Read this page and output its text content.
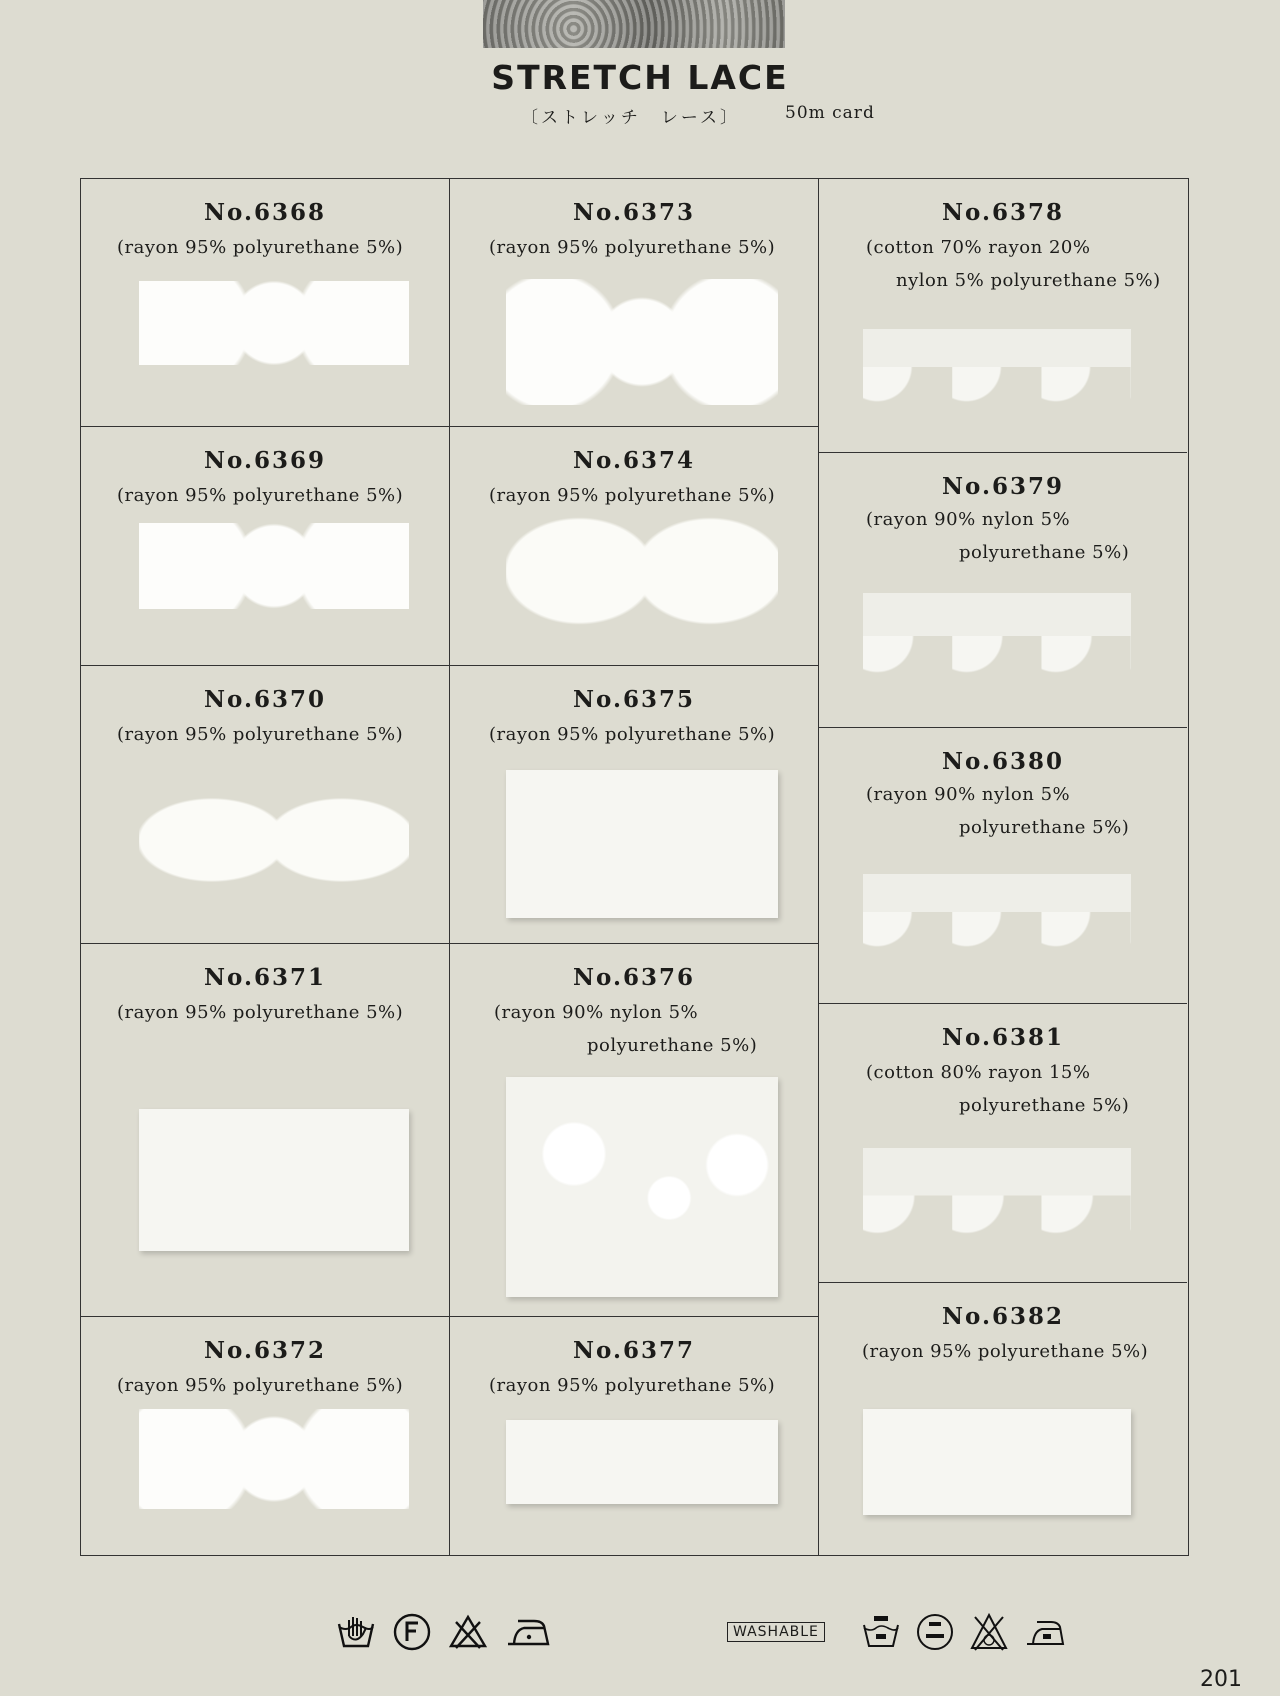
STRETCH LACE
〔ストレッチ　レース〕	50m card
No.6368
(rayon 95% polyurethane 5%)
No.6369
(rayon 95% polyurethane 5%)
No.6370
(rayon 95% polyurethane 5%)
No.6371
(rayon 95% polyurethane 5%)
No.6372
(rayon 95% polyurethane 5%)
No.6373
(rayon 95% polyurethane 5%)
No.6374
(rayon 95% polyurethane 5%)
No.6375
(rayon 95% polyurethane 5%)
No.6376
(rayon 90% nylon 5%
polyurethane 5%)
No.6377
(rayon 95% polyurethane 5%)
No.6378
(cotton 70% rayon 20%
nylon 5% polyurethane 5%)
No.6379
(rayon 90% nylon 5%
polyurethane 5%)
No.6380
(rayon 90% nylon 5%
polyurethane 5%)
No.6381
(cotton 80% rayon 15%
polyurethane 5%)
No.6382
(rayon 95% polyurethane 5%)
WASHABLE
201
